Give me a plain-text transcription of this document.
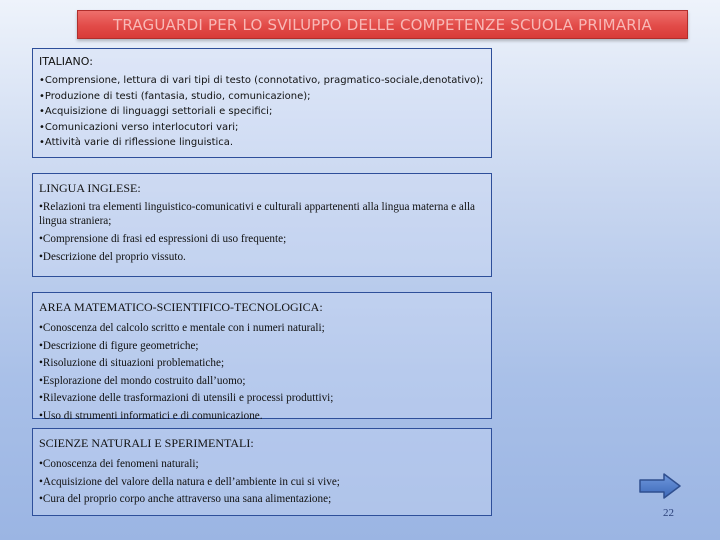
TRAGUARDI PER LO SVILUPPO DELLE COMPETENZE SCUOLA PRIMARIA
ITALIANO:
•Comprensione, lettura di vari tipi di testo (connotativo, pragmatico-sociale,denotativo);
•Produzione di testi (fantasia, studio, comunicazione);
•Acquisizione di linguaggi settoriali e specifici;
•Comunicazioni verso interlocutori vari;
•Attività varie di riflessione linguistica.
LINGUA INGLESE:
•Relazioni tra elementi linguistico-comunicativi e culturali appartenenti alla lingua materna e alla lingua straniera;
•Comprensione di frasi ed espressioni di uso frequente;
•Descrizione del proprio vissuto.
AREA MATEMATICO-SCIENTIFICO-TECNOLOGICA:
•Conoscenza del calcolo scritto e mentale con i numeri naturali;
•Descrizione di figure geometriche;
•Risoluzione di situazioni problematiche;
•Esplorazione del mondo costruito dall’uomo;
•Rilevazione delle trasformazioni di utensili e processi produttivi;
•Uso di strumenti informatici e di comunicazione.
SCIENZE NATURALI E SPERIMENTALI:
•Conoscenza dei fenomeni naturali;
•Acquisizione del valore della natura e dell’ambiente in cui si vive;
•Cura del proprio corpo anche attraverso una sana alimentazione;
22
